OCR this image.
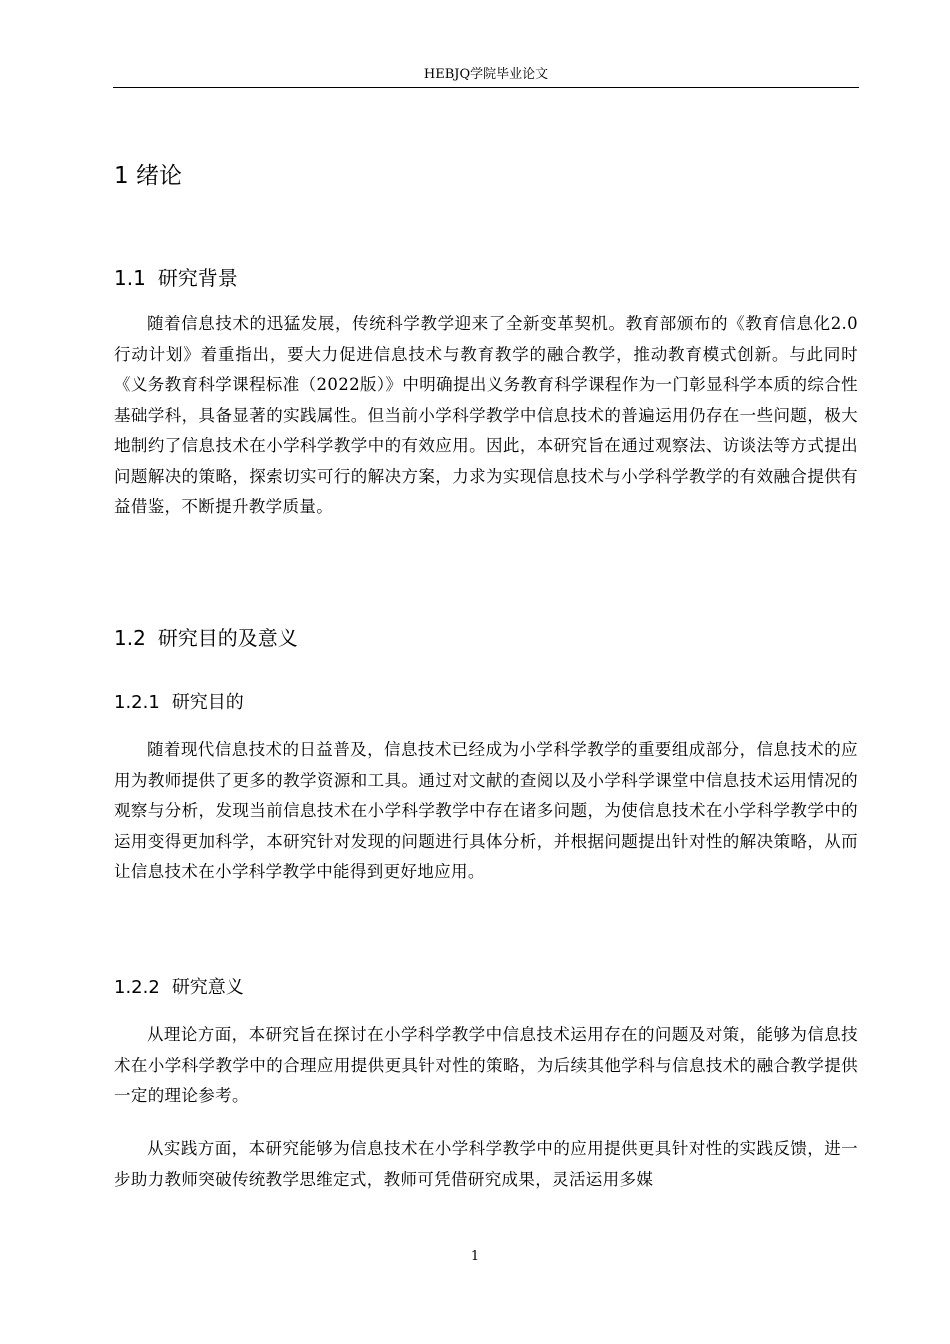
HEBJQ学院毕业论文
1 绪论
1.1 研究背景

随着信息技术的迅猛发展，传统科学教学迎来了全新变革契机。教育部颁布的《教育信息化2.0行动计划》着重指出，要大力促进信息技术与教育教学的融合教学，推动教育模式创新。与此同时《义务教育科学课程标准（2022版）》中明确提出义务教育科学课程作为一门彰显科学本质的综合性基础学科，具备显著的实践属性。但当前小学科学教学中信息技术的普遍运用仍存在一些问题，极大地制约了信息技术在小学科学教学中的有效应用。因此，本研究旨在通过观察法、访谈法等方式提出问题解决的策略，探索切实可行的解决方案，力求为实现信息技术与小学科学教学的有效融合提供有益借鉴，不断提升教学质量。

1.2 研究目的及意义
1.2.1 研究目的

随着现代信息技术的日益普及，信息技术已经成为小学科学教学的重要组成部分，信息技术的应用为教师提供了更多的教学资源和工具。通过对文献的查阅以及小学科学课堂中信息技术运用情况的观察与分析，发现当前信息技术在小学科学教学中存在诸多问题，为使信息技术在小学科学教学中的运用变得更加科学，本研究针对发现的问题进行具体分析，并根据问题提出针对性的解决策略，从而让信息技术在小学科学教学中能得到更好地应用。

1.2.2 研究意义

从理论方面，本研究旨在探讨在小学科学教学中信息技术运用存在的问题及对策，能够为信息技术在小学科学教学中的合理应用提供更具针对性的策略，为后续其他学科与信息技术的融合教学提供一定的理论参考。

从实践方面，本研究能够为信息技术在小学科学教学中的应用提供更具针对性的实践反馈，进一步助力教师突破传统教学思维定式，教师可凭借研究成果，灵活运用多媒

1
